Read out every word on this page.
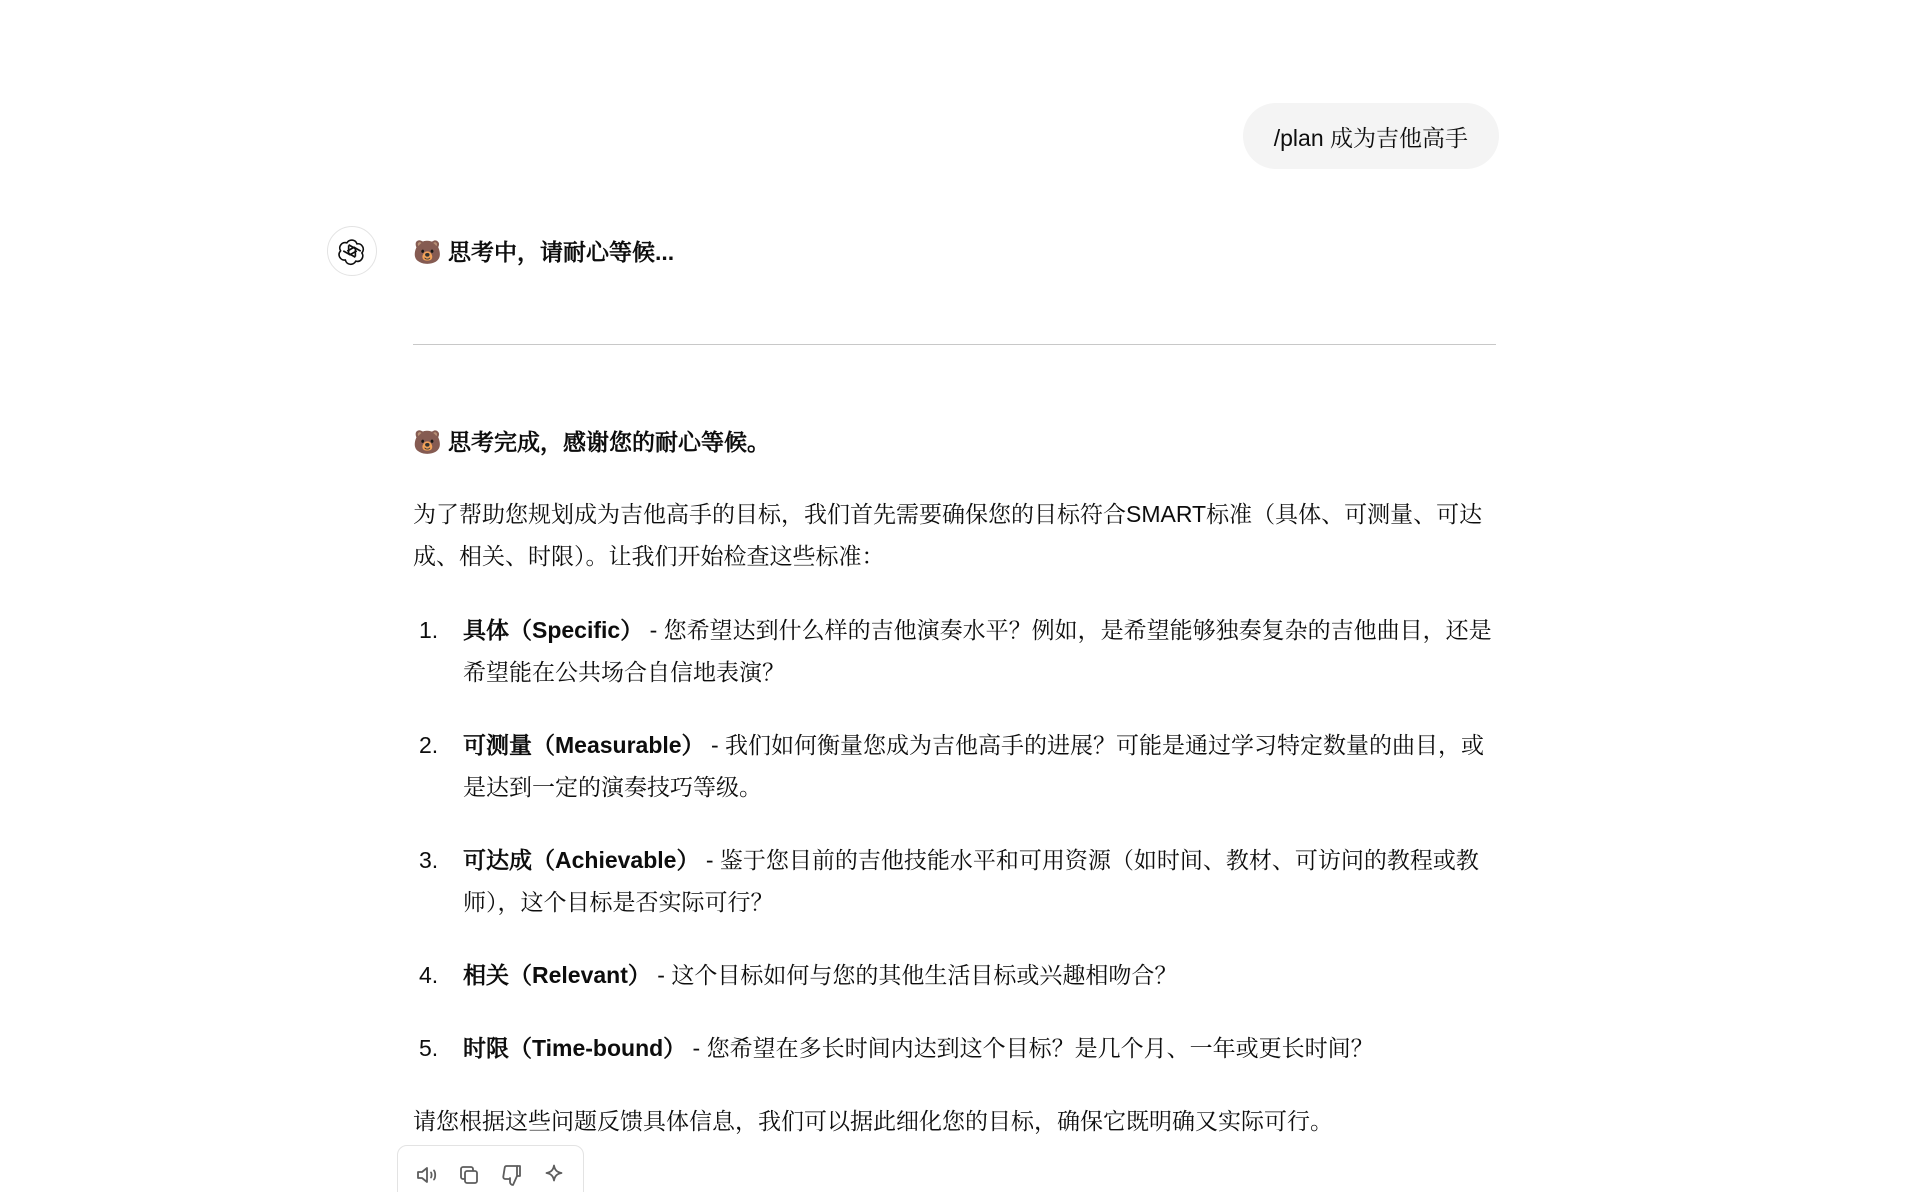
/plan 成为吉他高手
🐻 思考中，请耐心等候...
🐻 思考完成，感谢您的耐心等候。
为了帮助您规划成为吉他高手的目标，我们首先需要确保您的目标符合SMART标准（具体、可测量、可达成、相关、时限）。让我们开始检查这些标准：
1. 具体（Specific） - 您希望达到什么样的吉他演奏水平？例如，是希望能够独奏复杂的吉他曲目，还是希望能在公共场合自信地表演？
2. 可测量（Measurable） - 我们如何衡量您成为吉他高手的进展？可能是通过学习特定数量的曲目，或是达到一定的演奏技巧等级。
3. 可达成（Achievable） - 鉴于您目前的吉他技能水平和可用资源（如时间、教材、可访问的教程或教师），这个目标是否实际可行？
4. 相关（Relevant） - 这个目标如何与您的其他生活目标或兴趣相吻合？
5. 时限（Time-bound） - 您希望在多长时间内达到这个目标？是几个月、一年或更长时间？
请您根据这些问题反馈具体信息，我们可以据此细化您的目标，确保它既明确又实际可行。
